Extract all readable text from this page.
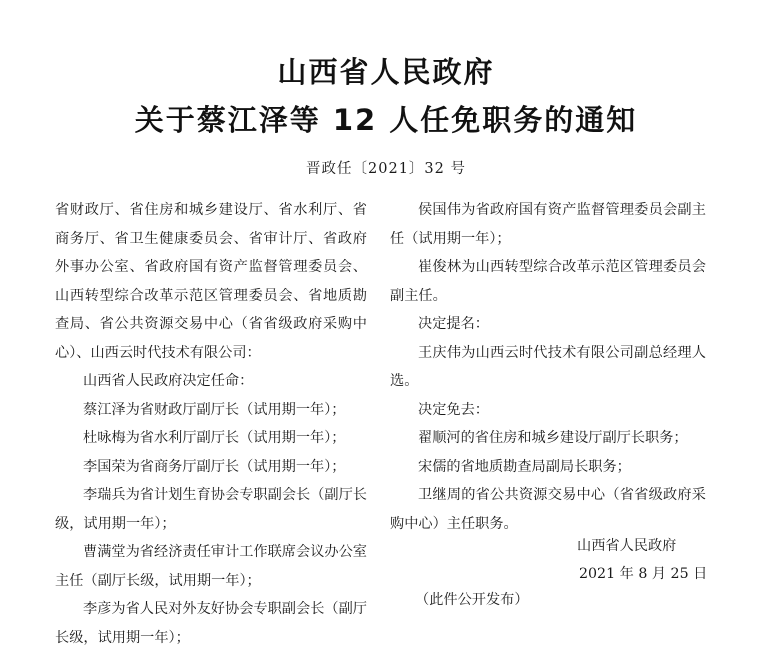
山西省人民政府
关于蔡江泽等 12 人任免职务的通知
晋政任〔2021〕32 号

省财政厅、省住房和城乡建设厅、省水利厅、省商务厅、省卫生健康委员会、省审计厅、省政府外事办公室、省政府国有资产监督管理委员会、山西转型综合改革示范区管理委员会、省地质勘查局、省公共资源交易中心（省省级政府采购中心）、山西云时代技术有限公司：

山西省人民政府决定任命：

蔡江泽为省财政厅副厅长（试用期一年）；

杜咏梅为省水利厅副厅长（试用期一年）；

李国荣为省商务厅副厅长（试用期一年）；

李瑞兵为省计划生育协会专职副会长（副厅长级，试用期一年）；

曹满堂为省经济责任审计工作联席会议办公室主任（副厅长级，试用期一年）；

李彦为省人民对外友好协会专职副会长（副厅长级，试用期一年）；

侯国伟为省政府国有资产监督管理委员会副主任（试用期一年）；

崔俊林为山西转型综合改革示范区管理委员会副主任。

决定提名：

王庆伟为山西云时代技术有限公司副总经理人选。

决定免去：

翟顺河的省住房和城乡建设厅副厅长职务；

宋儒的省地质勘查局副局长职务；

卫继周的省公共资源交易中心（省省级政府采购中心）主任职务。

山西省人民政府
2021 年 8 月 25 日
（此件公开发布）
